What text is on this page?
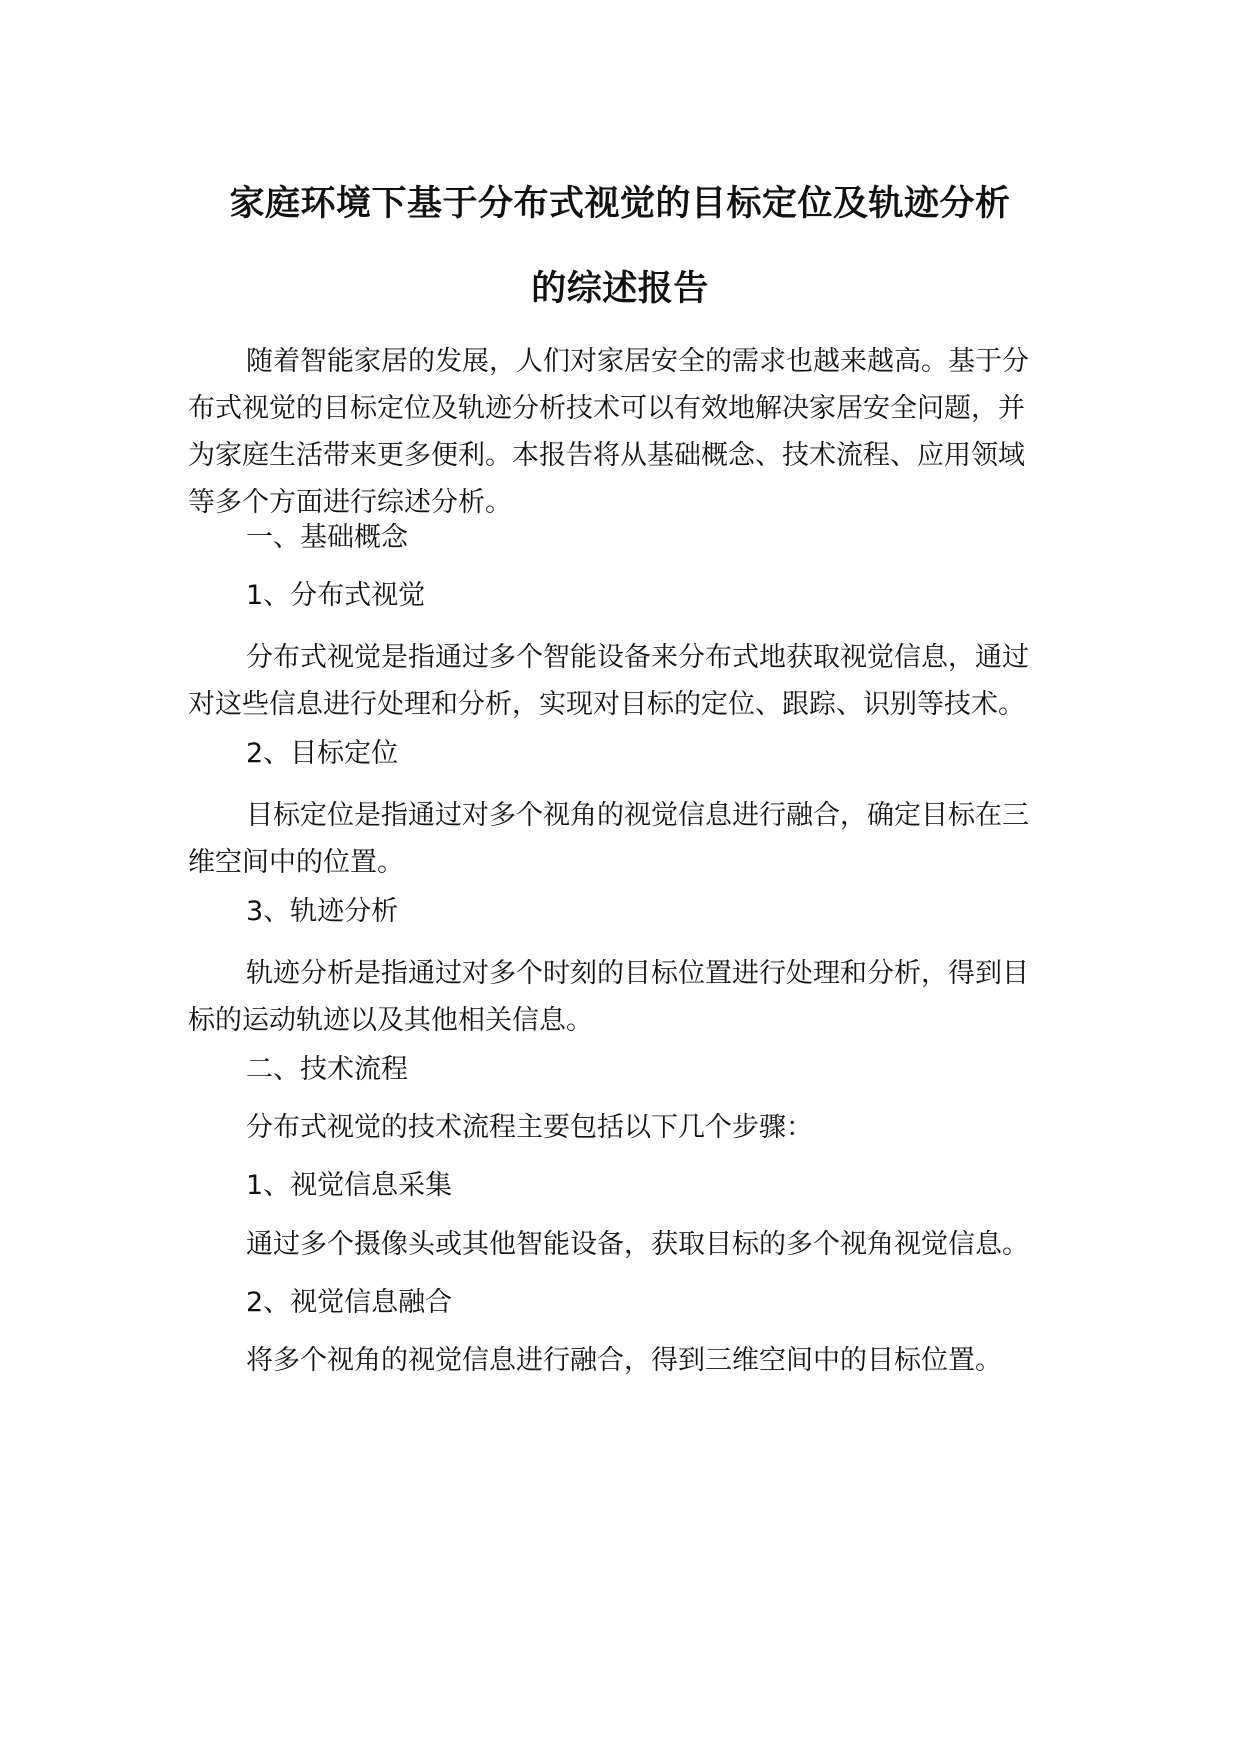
家庭环境下基于分布式视觉的目标定位及轨迹分析
的综述报告

随着智能家居的发展，人们对家居安全的需求也越来越高。基于分布式视觉的目标定位及轨迹分析技术可以有效地解决家居安全问题，并为家庭生活带来更多便利。本报告将从基础概念、技术流程、应用领域等多个方面进行综述分析。

一、基础概念
1、分布式视觉

分布式视觉是指通过多个智能设备来分布式地获取视觉信息，通过对这些信息进行处理和分析，实现对目标的定位、跟踪、识别等技术。

2、目标定位

目标定位是指通过对多个视角的视觉信息进行融合，确定目标在三维空间中的位置。

3、轨迹分析

轨迹分析是指通过对多个时刻的目标位置进行处理和分析，得到目标的运动轨迹以及其他相关信息。

二、技术流程
分布式视觉的技术流程主要包括以下几个步骤：
1、视觉信息采集
通过多个摄像头或其他智能设备，获取目标的多个视角视觉信息。
2、视觉信息融合
将多个视角的视觉信息进行融合，得到三维空间中的目标位置。
